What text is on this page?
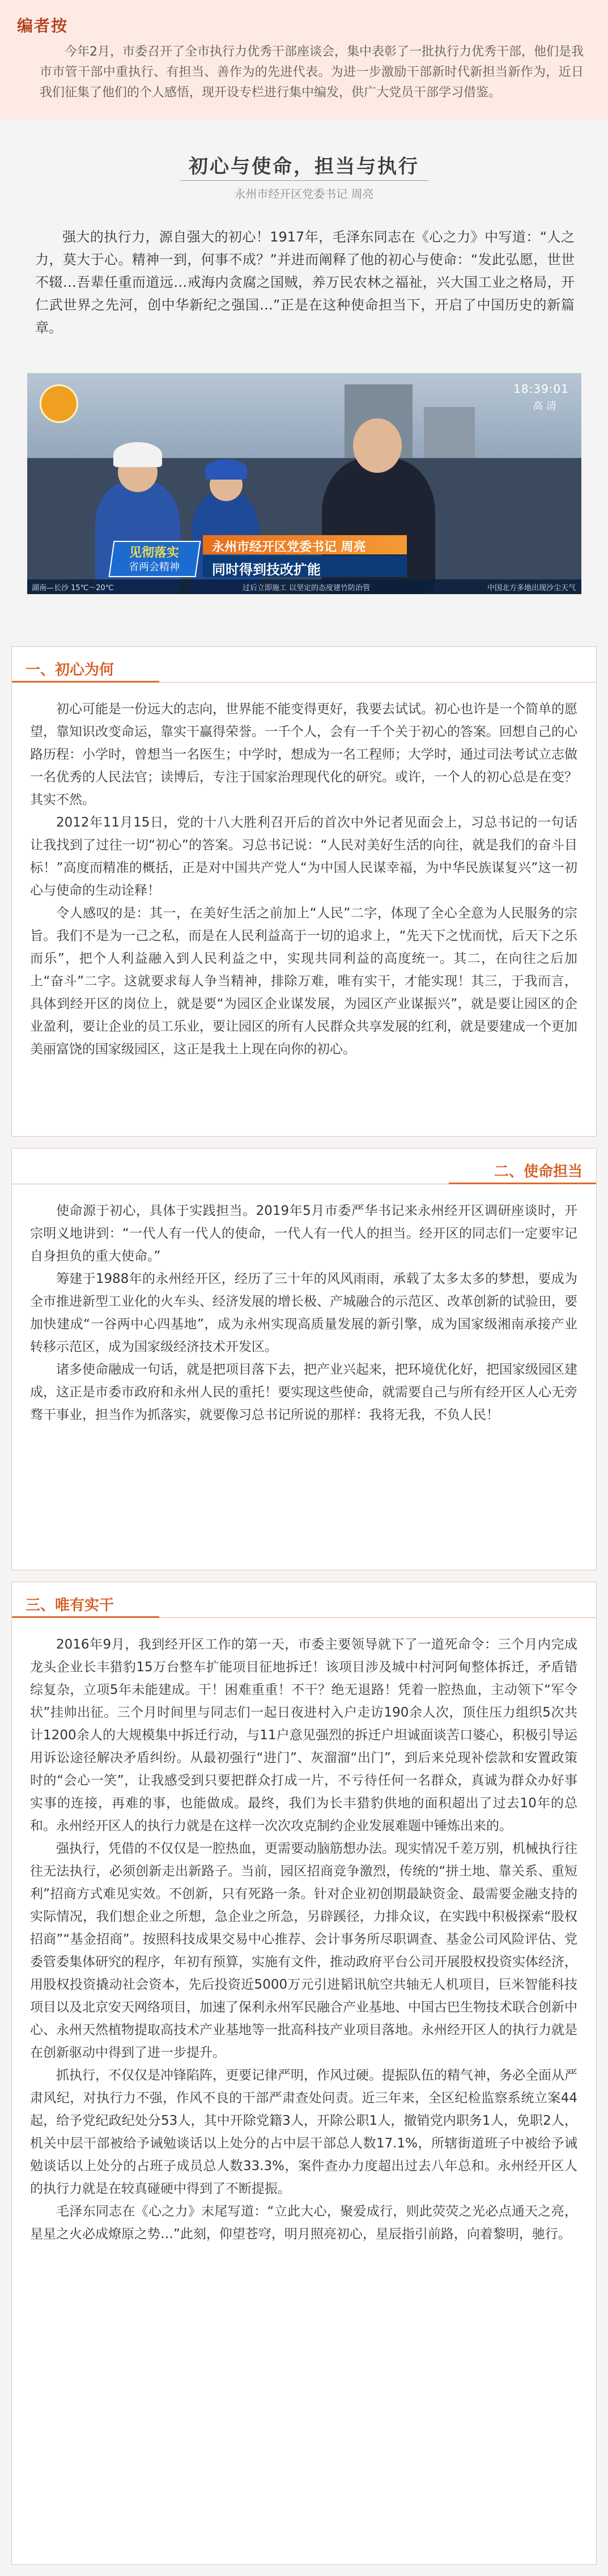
编者按
今年2月，市委召开了全市执行力优秀干部座谈会，集中表彰了一批执行力优秀干部，他们是我市市管干部中重执行、有担当、善作为的先进代表。为进一步激励干部新时代新担当新作为，近日我们征集了他们的个人感悟，现开设专栏进行集中编发，供广大党员干部学习借鉴。
初心与使命，担当与执行
永州市经开区党委书记 周亮

强大的执行力，源自强大的初心！1917年，毛泽东同志在《心之力》中写道：“人之力，莫大于心。精神一到，何事不成？”并进而阐释了他的初心与使命：“发此弘愿，世世不辍…吾辈任重而道远…戒海内贪腐之国贼，养万民农林之福祉，兴大国工业之格局，开仁武世界之先河，创中华新纪之强国…”正是在这种使命担当下，开启了中国历史的新篇章。

18:39:01
高 清
见彻落实
省两会精神
永州市经开区党委书记 周亮
同时得到技改扩能
湖南—长沙 15℃～20℃	过后立即施工 以坚定的态度建竹防治管	中国北方多地出现沙尘天气
一、初心为何

初心可能是一份远大的志向，世界能不能变得更好，我要去试试。初心也许是一个简单的愿望，靠知识改变命运，靠实干赢得荣誉。一千个人，会有一千个关于初心的答案。回想自己的心路历程：小学时，曾想当一名医生；中学时，想成为一名工程师；大学时，通过司法考试立志做一名优秀的人民法官；读博后，专注于国家治理现代化的研究。或许，一个人的初心总是在变？其实不然。

2012年11月15日，党的十八大胜利召开后的首次中外记者见面会上，习总书记的一句话让我找到了过往一切“初心”的答案。习总书记说：“人民对美好生活的向往，就是我们的奋斗目标！”高度而精准的概括，正是对中国共产党人“为中国人民谋幸福，为中华民族谋复兴”这一初心与使命的生动诠释！

令人感叹的是：其一，在美好生活之前加上“人民”二字，体现了全心全意为人民服务的宗旨。我们不是为一己之私，而是在人民利益高于一切的追求上，“先天下之忧而忧，后天下之乐而乐”，把个人利益融入到人民利益之中，实现共同利益的高度统一。其二，在向往之后加上“奋斗”二字。这就要求每人争当精神，排除万难，唯有实干，才能实现！其三，于我而言，具体到经开区的岗位上，就是要“为园区企业谋发展，为园区产业谋振兴”，就是要让园区的企业盈利，要让企业的员工乐业，要让园区的所有人民群众共享发展的红利，就是要建成一个更加美丽富饶的国家级园区，这正是我土上现在向你的初心。

二、使命担当

使命源于初心，具体于实践担当。2019年5月市委严华书记来永州经开区调研座谈时，开宗明义地讲到：“一代人有一代人的使命，一代人有一代人的担当。经开区的同志们一定要牢记自身担负的重大使命。”

筹建于1988年的永州经开区，经历了三十年的风风雨雨，承载了太多太多的梦想，要成为全市推进新型工业化的火车头、经济发展的增长极、产城融合的示范区、改革创新的试验田，要加快建成“一谷两中心四基地”，成为永州实现高质量发展的新引擎，成为国家级湘南承接产业转移示范区，成为国家级经济技术开发区。

诸多使命融成一句话，就是把项目落下去，把产业兴起来，把环境优化好，把国家级园区建成，这正是市委市政府和永州人民的重托！要实现这些使命，就需要自己与所有经开区人心无旁骛干事业，担当作为抓落实，就要像习总书记所说的那样：我将无我，不负人民！

三、唯有实干

2016年9月，我到经开区工作的第一天，市委主要领导就下了一道死命令：三个月内完成龙头企业长丰猎豹15万台整车扩能项目征地拆迁！该项目涉及城中村河阿甸整体拆迁，矛盾错综复杂，立项5年未能建成。干！困难重重！不干？绝无退路！凭着一腔热血，主动领下“军令状”挂帅出征。三个月时间里与同志们一起日夜进村入户走访190余人次，顶住压力组织5次共计1200余人的大规模集中拆迁行动，与11户意见强烈的拆迁户坦诚面谈苦口婆心，积极引导运用诉讼途径解决矛盾纠纷。从最初强行“进门”、灰溜溜“出门”，到后来兑现补偿款和安置政策时的“会心一笑”，让我感受到只要把群众打成一片，不亏待任何一名群众，真诚为群众办好事实事的连接，再难的事，也能做成。最终，我们为长丰猎豹供地的面积超出了过去10年的总和。永州经开区人的执行力就是在这样一次次攻克制约企业发展难题中锤炼出来的。

强执行，凭借的不仅仅是一腔热血，更需要动脑筋想办法。现实情况千差万别，机械执行往往无法执行，必须创新走出新路子。当前，园区招商竞争激烈，传统的“拼土地、靠关系、重短利”招商方式难见实效。不创新，只有死路一条。针对企业初创期最缺资金、最需要金融支持的实际情况，我们想企业之所想，急企业之所急，另辟蹊径，力排众议，在实践中积极探索“股权招商”“基金招商”。按照科技成果交易中心推荐、会计事务所尽职调查、基金公司风险评估、党委管委集体研究的程序，年初有预算，实施有文件，推动政府平台公司开展股权投资实体经济，用股权投资撬动社会资本，先后投资近5000万元引进韬讯航空共轴无人机项目，巨米智能科技项目以及北京安天网络项目，加速了保利永州军民融合产业基地、中国古巴生物技术联合创新中心、永州天然植物提取高技术产业基地等一批高科技产业项目落地。永州经开区人的执行力就是在创新驱动中得到了进一步提升。

抓执行，不仅仅是冲锋陷阵，更要记律严明，作风过硬。提振队伍的精气神，务必全面从严肃风纪，对执行力不强，作风不良的干部严肃查处问责。近三年来，全区纪检监察系统立案44起，给予党纪政纪处分53人，其中开除党籍3人，开除公职1人，撤销党内职务1人，免职2人，机关中层干部被给予诫勉谈话以上处分的占中层干部总人数17.1%，所辖街道班子中被给予诫勉谈话以上处分的占班子成员总人数33.3%，案件查办力度超出过去八年总和。永州经开区人的执行力就是在较真碰硬中得到了不断提振。

毛泽东同志在《心之力》末尾写道：“立此大心，聚爱成行，则此荧荧之光必点通天之亮，星星之火必成燎原之势…”此刻，仰望苍穹，明月照亮初心，星辰指引前路，向着黎明，驰行。
